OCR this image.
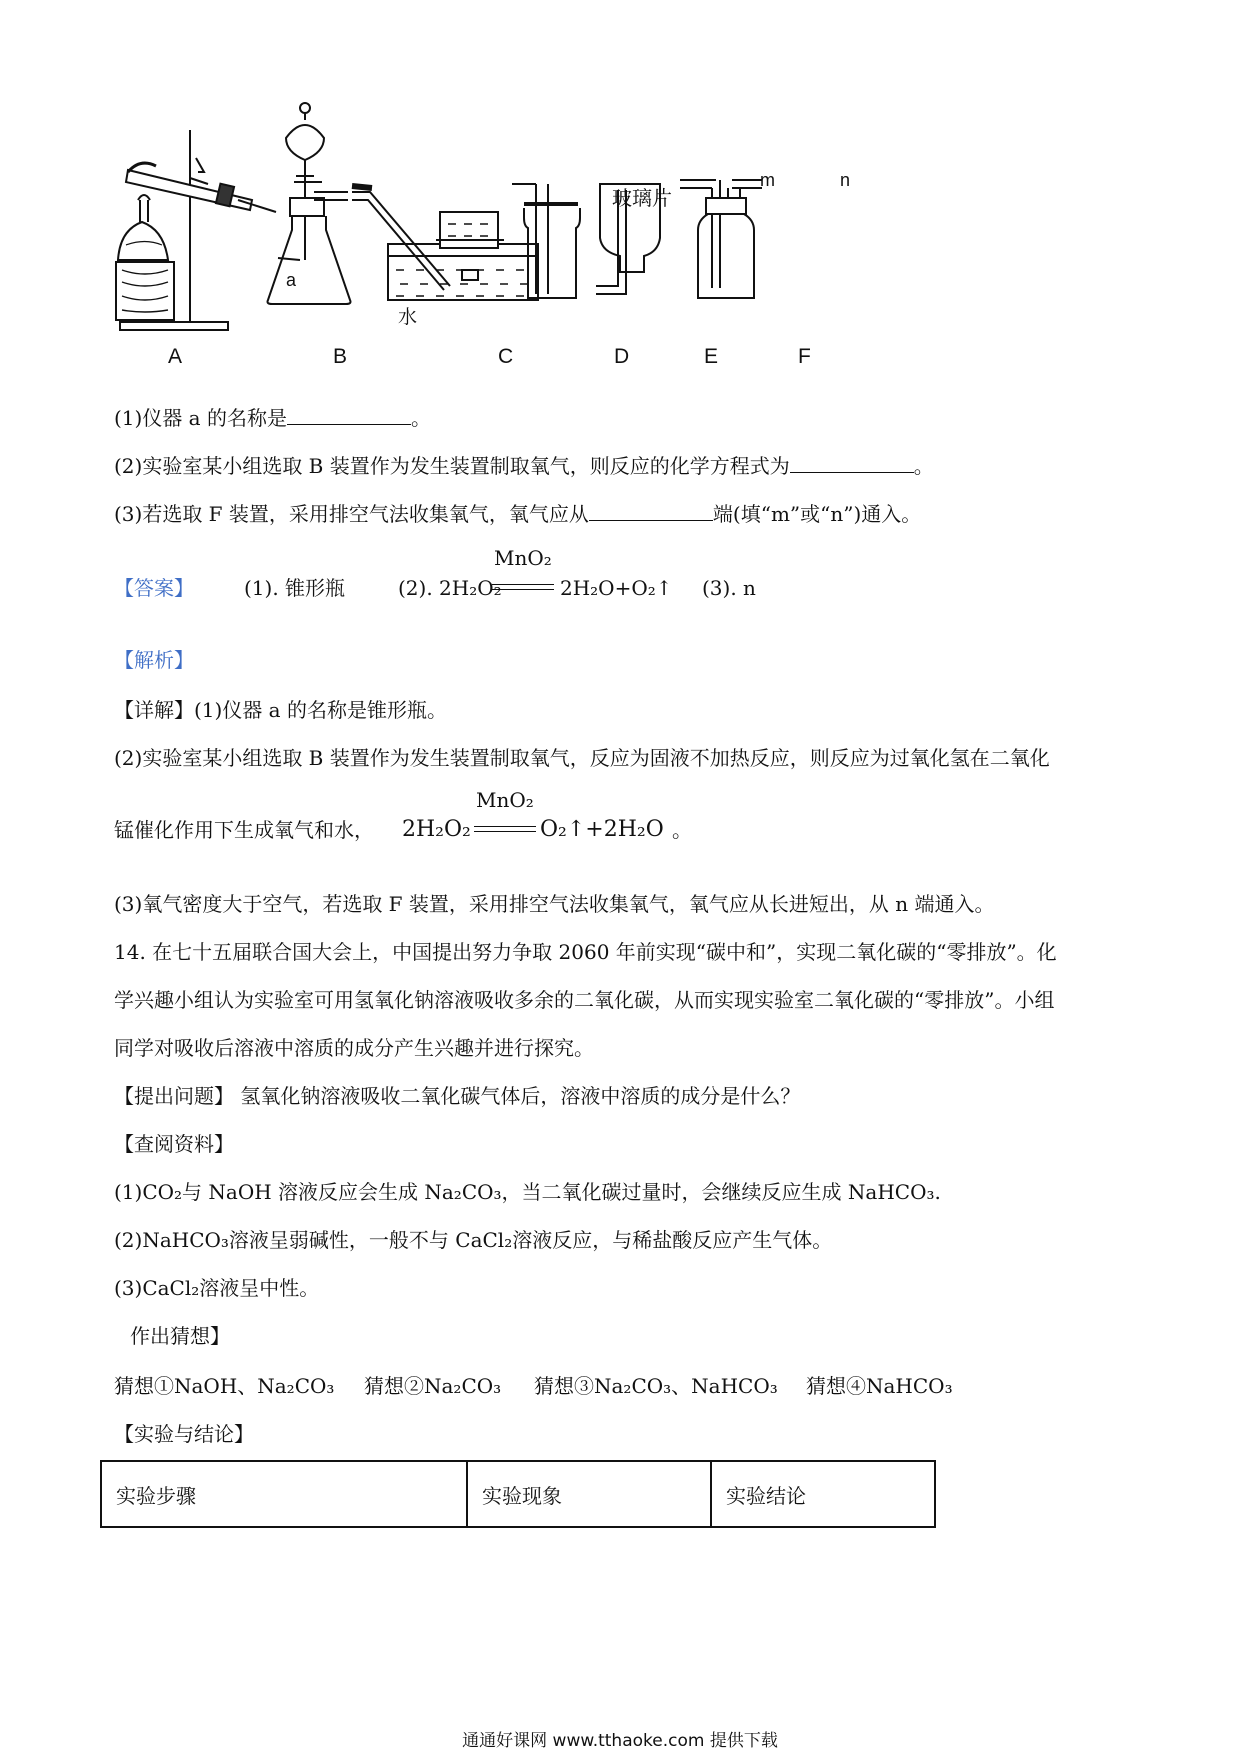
A	B	C	D	E	F
水
玻璃片
a
m	n
(1)仪器 a 的名称是	。
(2)实验室某小组选取 B 装置作为发生装置制取氧气，则反应的化学方程式为	。
(3)若选取 F 装置，采用排空气法收集氧气，氧气应从	端(填“m”或“n”)通入。
【答案】	(1). 锥形瓶	(2). 2H₂O₂
MnO₂
2H₂O+O₂↑ (3). n
【解析】
【详解】(1)仪器 a 的名称是锥形瓶。
(2)实验室某小组选取 B 装置作为发生装置制取氧气，反应为固液不加热反应，则反应为过氧化氢在二氧化
锰催化作用下生成氧气和水， 2H₂O₂
MnO₂
O₂↑+2H₂O 。
(3)氧气密度大于空气，若选取 F 装置，采用排空气法收集氧气，氧气应从长进短出，从 n 端通入。
14. 在七十五届联合国大会上，中国提出努力争取 2060 年前实现“碳中和”，实现二氧化碳的“零排放”。化
学兴趣小组认为实验室可用氢氧化钠溶液吸收多余的二氧化碳，从而实现实验室二氧化碳的“零排放”。小组
同学对吸收后溶液中溶质的成分产生兴趣并进行探究。
【提出问题】 氢氧化钠溶液吸收二氧化碳气体后，溶液中溶质的成分是什么？
【查阅资料】
(1)CO₂与 NaOH 溶液反应会生成 Na₂CO₃，当二氧化碳过量时，会继续反应生成 NaHCO₃.
(2)NaHCO₃溶液呈弱碱性，一般不与 CaCl₂溶液反应，与稀盐酸反应产生气体。
(3)CaCl₂溶液呈中性。
作出猜想】
猜想①NaOH、Na₂CO₃ 猜想②Na₂CO₃ 猜想③Na₂CO₃、NaHCO₃ 猜想④NaHCO₃
【实验与结论】
实验步骤	实验现象	实验结论
通通好课网 www.tthaoke.com 提供下载
